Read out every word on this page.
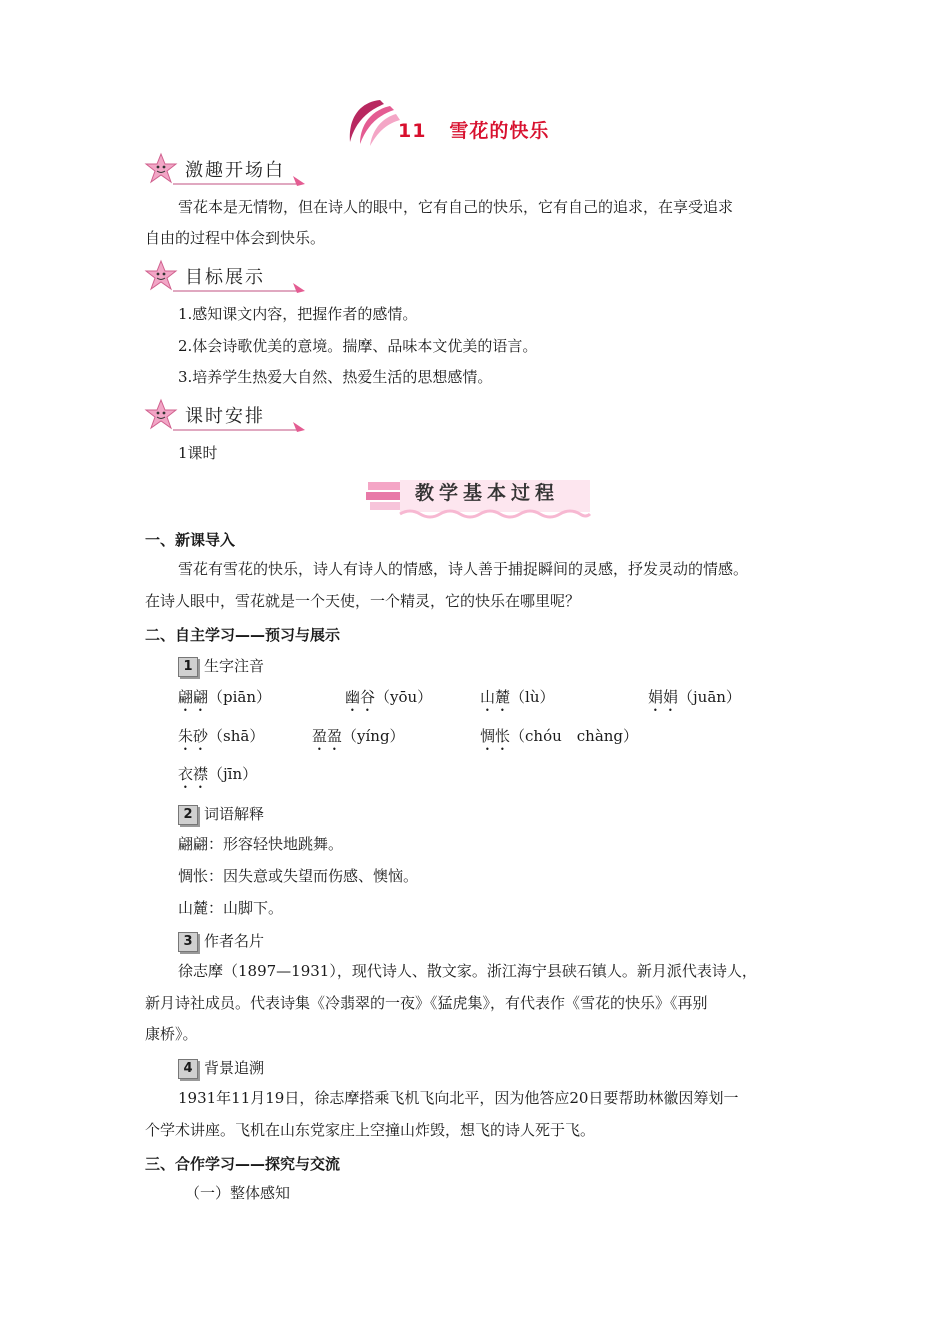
11 雪花的快乐
激趣开场白
雪花本是无情物，但在诗人的眼中，它有自己的快乐，它有自己的追求，在享受追求
自由的过程中体会到快乐。
目标展示
1.感知课文内容，把握作者的感情。
2.体会诗歌优美的意境。揣摩、品味本文优美的语言。
3.培养学生热爱大自然、热爱生活的思想感情。
课时安排
1课时
教学基本过程
一、新课导入
雪花有雪花的快乐，诗人有诗人的情感，诗人善于捕捉瞬间的灵感，抒发灵动的情感。
在诗人眼中，雪花就是一个天使，一个精灵，它的快乐在哪里呢？
二、自主学习——预习与展示
1 生字注音
翩翩（piān）	幽谷（yōu）	山麓（lù）	娟娟（juān）
朱砂（shā）	盈盈（yíng）	惆怅（chóu　chàng）
衣襟（jīn）
2 词语解释
翩翩：形容轻快地跳舞。
惆怅：因失意或失望而伤感、懊恼。
山麓：山脚下。
3 作者名片
徐志摩（1897—1931），现代诗人、散文家。浙江海宁县硖石镇人。新月派代表诗人，
新月诗社成员。代表诗集《冷翡翠的一夜》《猛虎集》，有代表作《雪花的快乐》《再别
康桥》。
4 背景追溯
1931年11月19日，徐志摩搭乘飞机飞向北平，因为他答应20日要帮助林徽因筹划一
个学术讲座。飞机在山东党家庄上空撞山炸毁，想飞的诗人死于飞。
三、合作学习——探究与交流
（一）整体感知
